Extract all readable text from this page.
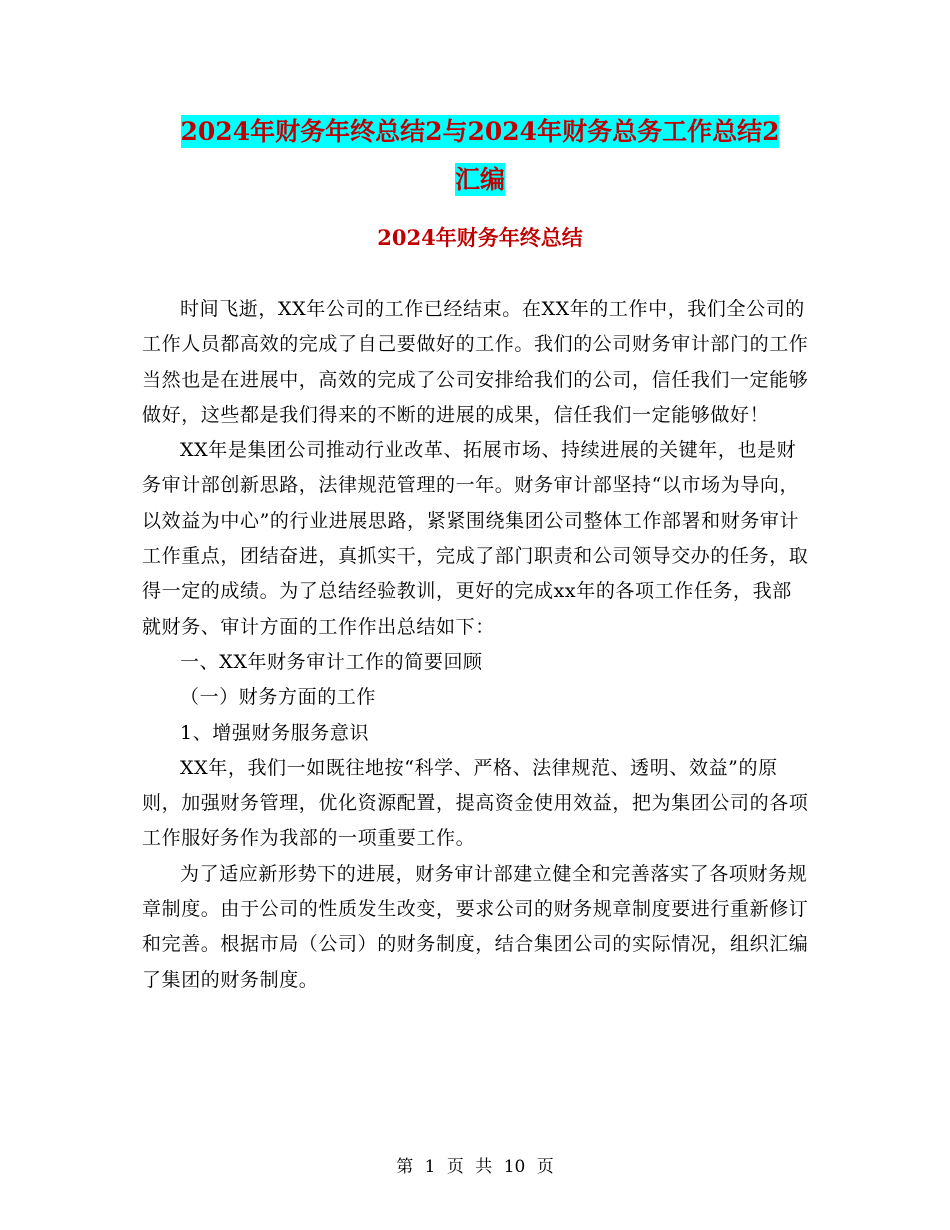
2024年财务年终总结2与2024年财务总务工作总结2
汇编
2024年财务年终总结

时间飞逝，XX年公司的工作已经结束。在XX年的工作中，我们全公司的工作人员都高效的完成了自己要做好的工作。我们的公司财务审计部门的工作当然也是在进展中，高效的完成了公司安排给我们的公司，信任我们一定能够做好，这些都是我们得来的不断的进展的成果，信任我们一定能够做好！

XX年是集团公司推动行业改革、拓展市场、持续进展的关键年，也是财务审计部创新思路，法律规范管理的一年。财务审计部坚持“以市场为导向，以效益为中心”的行业进展思路，紧紧围绕集团公司整体工作部署和财务审计工作重点，团结奋进，真抓实干，完成了部门职责和公司领导交办的任务，取得一定的成绩。为了总结经验教训，更好的完成xx年的各项工作任务，我部就财务、审计方面的工作作出总结如下：

一、XX年财务审计工作的简要回顾

（一）财务方面的工作

1、增强财务服务意识

XX年，我们一如既往地按“科学、严格、法律规范、透明、效益”的原则，加强财务管理，优化资源配置，提高资金使用效益，把为集团公司的各项工作服好务作为我部的一项重要工作。

为了适应新形势下的进展，财务审计部建立健全和完善落实了各项财务规章制度。由于公司的性质发生改变，要求公司的财务规章制度要进行重新修订和完善。根据市局（公司）的财务制度，结合集团公司的实际情况，组织汇编了集团的财务制度。

第 1 页 共 10 页
